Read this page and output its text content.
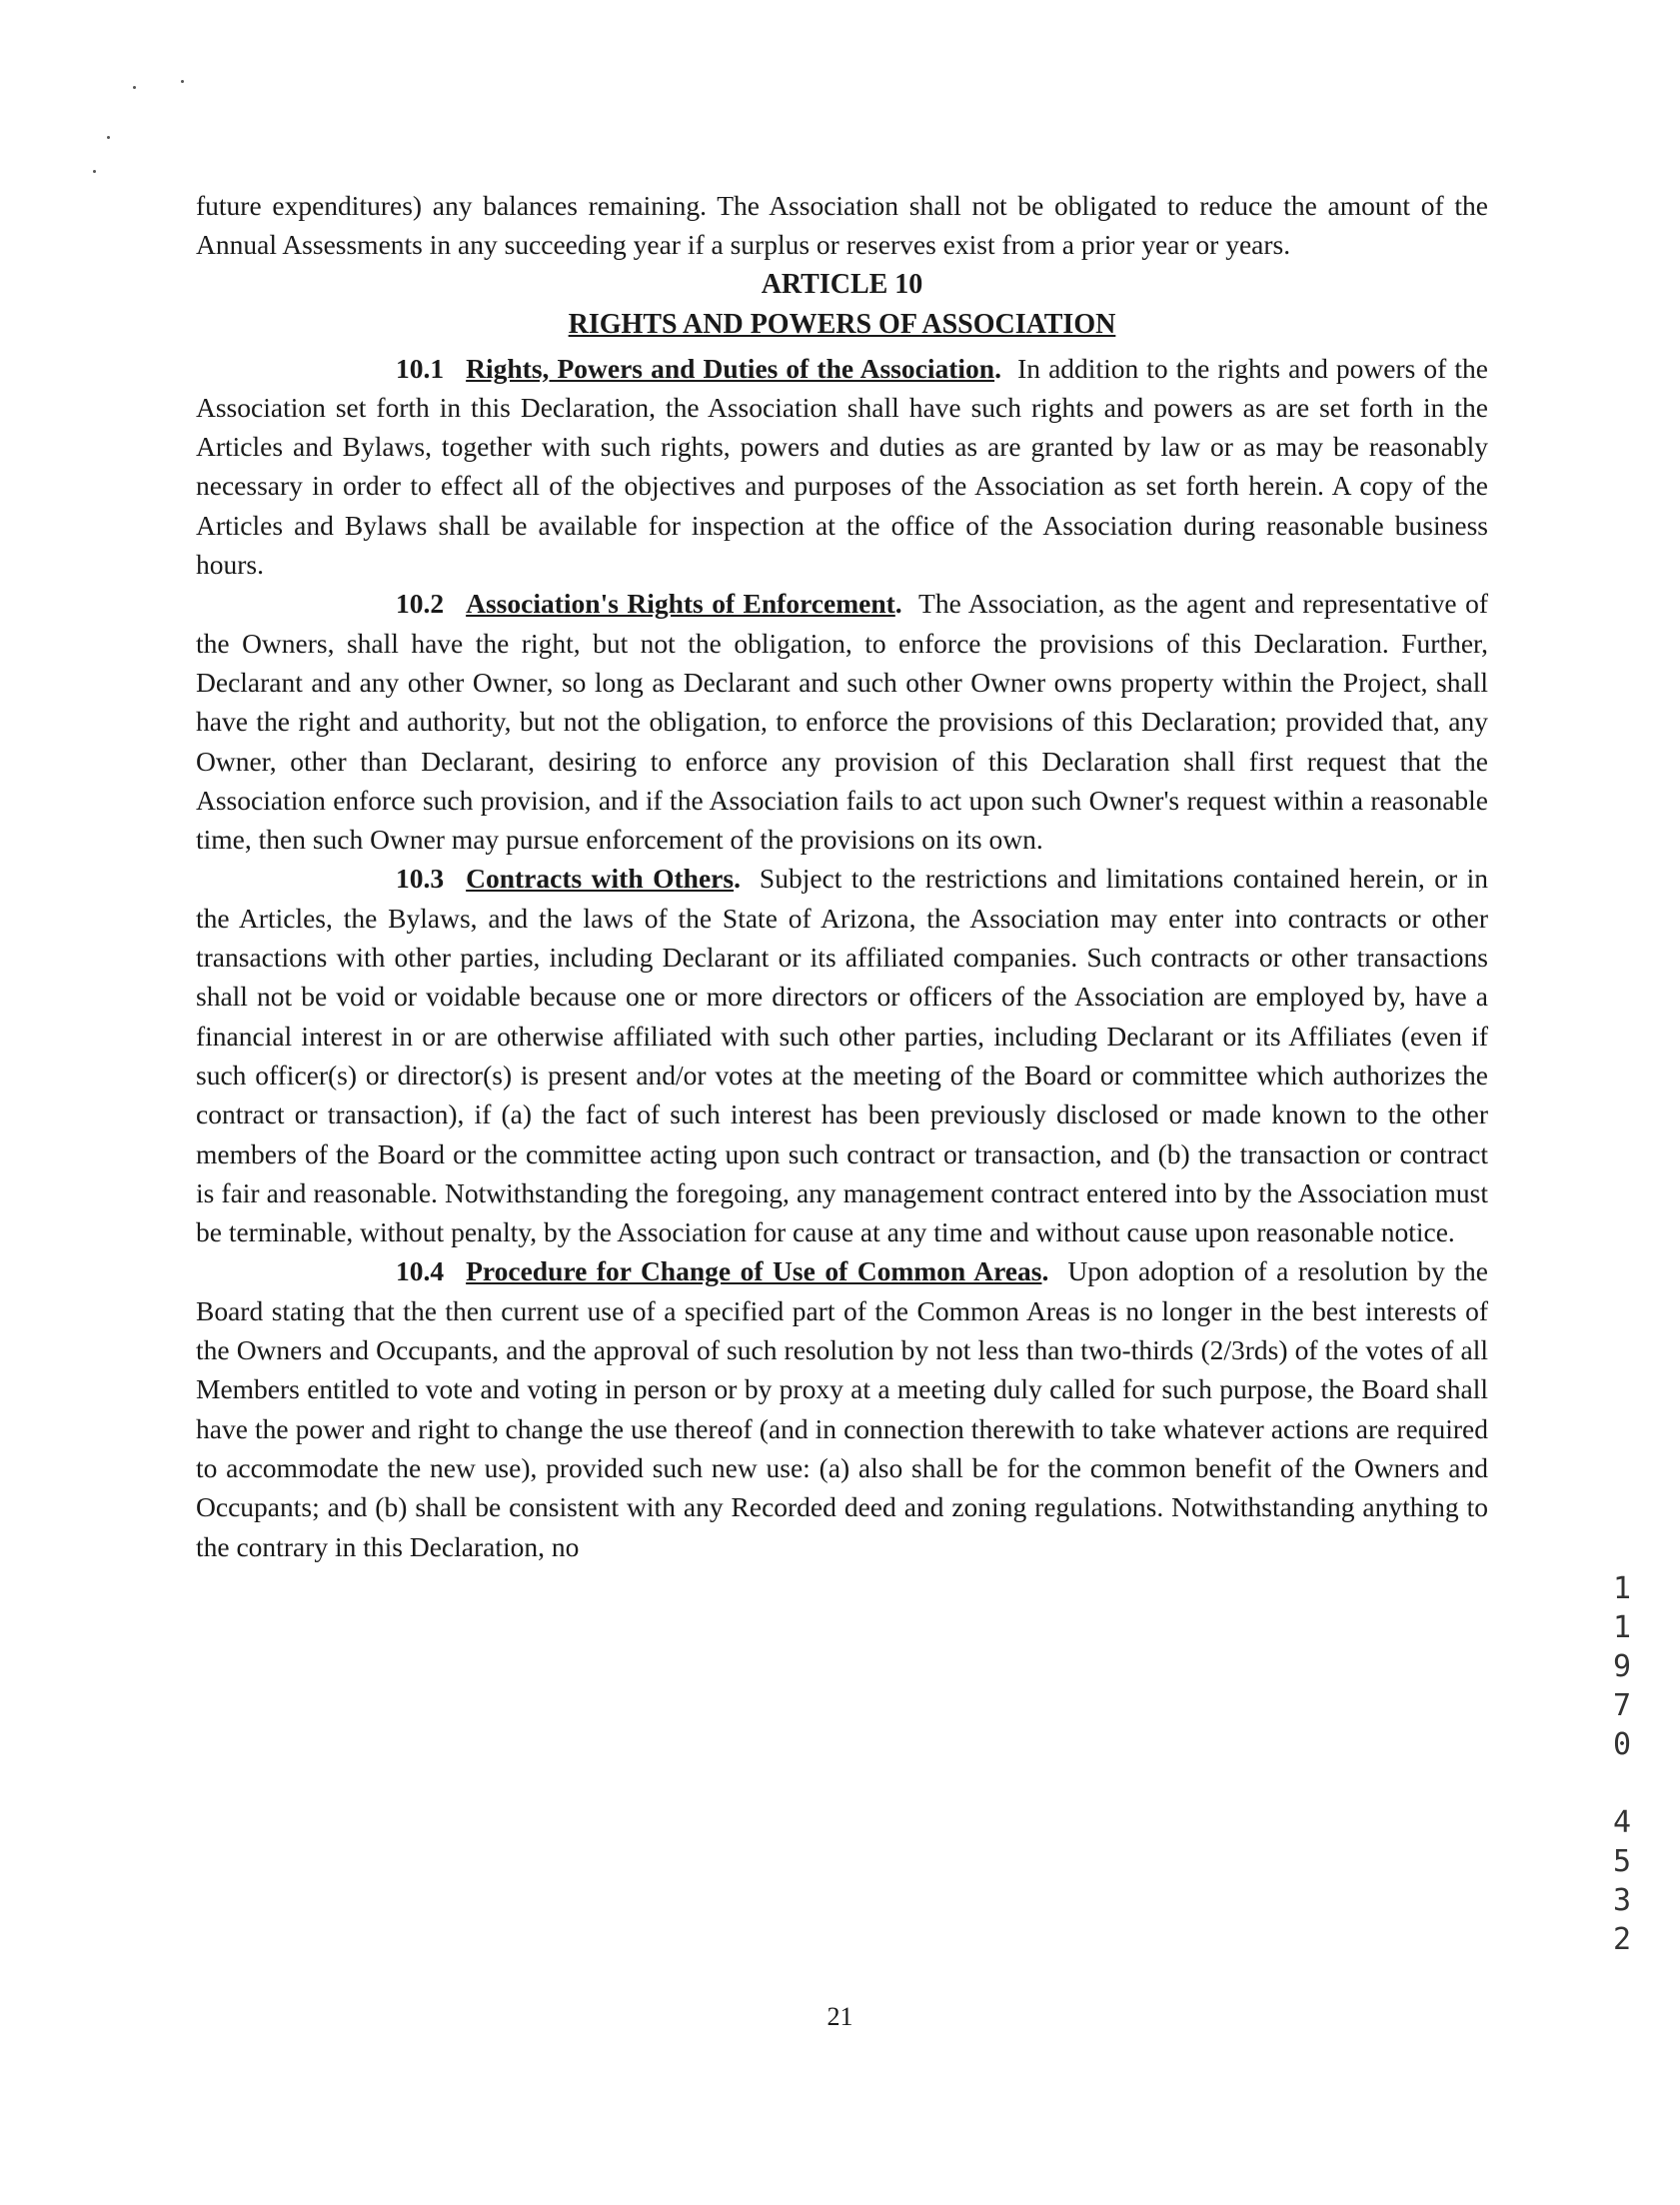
future expenditures) any balances remaining. The Association shall not be obligated to reduce the amount of the Annual Assessments in any succeeding year if a surplus or reserves exist from a prior year or years.

ARTICLE 10

RIGHTS AND POWERS OF ASSOCIATION

10.1 Rights, Powers and Duties of the Association. In addition to the rights and powers of the Association set forth in this Declaration, the Association shall have such rights and powers as are set forth in the Articles and Bylaws, together with such rights, powers and duties as are granted by law or as may be reasonably necessary in order to effect all of the objectives and purposes of the Association as set forth herein. A copy of the Articles and Bylaws shall be available for inspection at the office of the Association during reasonable business hours.

10.2 Association's Rights of Enforcement. The Association, as the agent and representative of the Owners, shall have the right, but not the obligation, to enforce the provisions of this Declaration. Further, Declarant and any other Owner, so long as Declarant and such other Owner owns property within the Project, shall have the right and authority, but not the obligation, to enforce the provisions of this Declaration; provided that, any Owner, other than Declarant, desiring to enforce any provision of this Declaration shall first request that the Association enforce such provision, and if the Association fails to act upon such Owner's request within a reasonable time, then such Owner may pursue enforcement of the provisions on its own.

10.3 Contracts with Others. Subject to the restrictions and limitations contained herein, or in the Articles, the Bylaws, and the laws of the State of Arizona, the Association may enter into contracts or other transactions with other parties, including Declarant or its affiliated companies. Such contracts or other transactions shall not be void or voidable because one or more directors or officers of the Association are employed by, have a financial interest in or are otherwise affiliated with such other parties, including Declarant or its Affiliates (even if such officer(s) or director(s) is present and/or votes at the meeting of the Board or committee which authorizes the contract or transaction), if (a) the fact of such interest has been previously disclosed or made known to the other members of the Board or the committee acting upon such contract or transaction, and (b) the transaction or contract is fair and reasonable. Notwithstanding the foregoing, any management contract entered into by the Association must be terminable, without penalty, by the Association for cause at any time and without cause upon reasonable notice.

10.4 Procedure for Change of Use of Common Areas. Upon adoption of a resolution by the Board stating that the then current use of a specified part of the Common Areas is no longer in the best interests of the Owners and Occupants, and the approval of such resolution by not less than two-thirds (2/3rds) of the votes of all Members entitled to vote and voting in person or by proxy at a meeting duly called for such purpose, the Board shall have the power and right to change the use thereof (and in connection therewith to take whatever actions are required to accommodate the new use), provided such new use: (a) also shall be for the common benefit of the Owners and Occupants; and (b) shall be consistent with any Recorded deed and zoning regulations. Notwithstanding anything to the contrary in this Declaration, no

1
1
9
7
0
4
5
3
2
21
